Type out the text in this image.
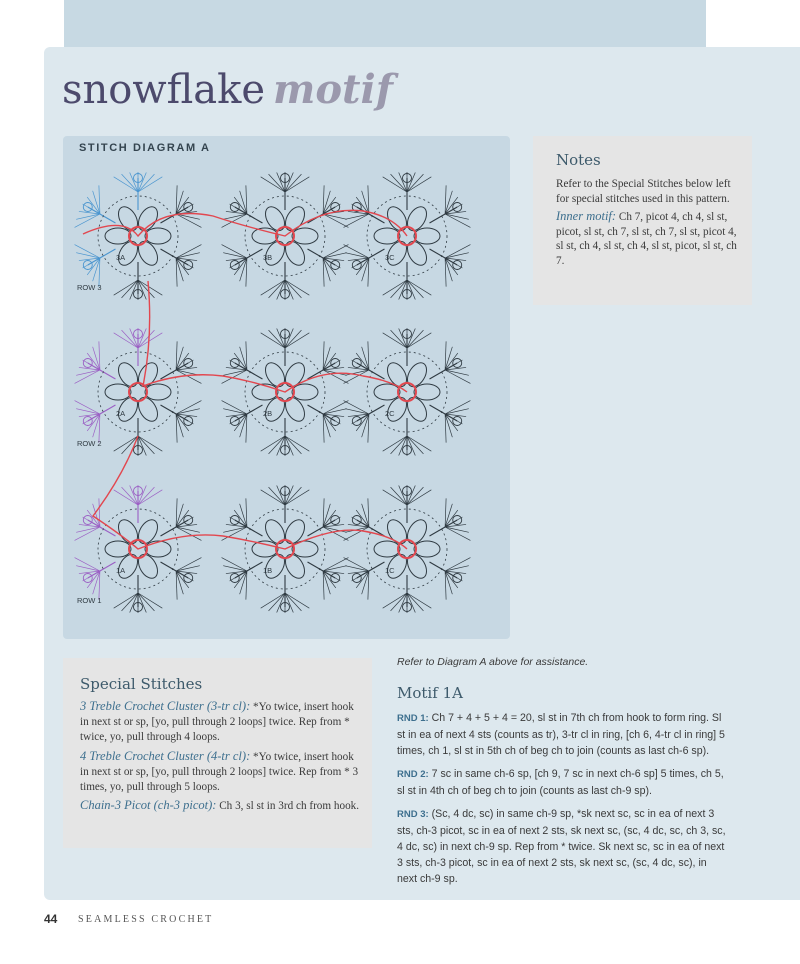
snowflake motif
STITCH DIAGRAM A
3A	3B	3C
2A	2B	2C
1A	1B	1C
ROW 3
ROW 2
ROW 1
Notes

Refer to the Special Stitches below left for special stitches used in this pattern.

Inner motif: Ch 7, picot 4, ch 4, sl st, picot, sl st, ch 7, sl st, ch 7, sl st, picot 4, sl st, ch 4, sl st, ch 4, sl st, picot, sl st, ch 7.

Special Stitches

3 Treble Crochet Cluster (3-tr cl): *Yo twice, insert hook in next st or sp, [yo, pull through 2 loops] twice. Rep from * twice, yo, pull through 4 loops.

4 Treble Crochet Cluster (4-tr cl): *Yo twice, insert hook in next st or sp, [yo, pull through 2 loops] twice. Rep from * 3 times, yo, pull through 5 loops.

Chain-3 Picot (ch-3 picot): Ch 3, sl st in 3rd ch from hook.

Refer to Diagram A above for assistance.
Motif 1A

RND 1: Ch 7 + 4 + 5 + 4 = 20, sl st in 7th ch from hook to form ring. Sl st in ea of next 4 sts (counts as tr), 3-tr cl in ring, [ch 6, 4-tr cl in ring] 5 times, ch 1, sl st in 5th ch of beg ch to join (counts as last ch-6 sp).

RND 2: 7 sc in same ch-6 sp, [ch 9, 7 sc in next ch-6 sp] 5 times, ch 5, sl st in 4th ch of beg ch to join (counts as last ch-9 sp).

RND 3: (Sc, 4 dc, sc) in same ch-9 sp, *sk next sc, sc in ea of next 3 sts, ch-3 picot, sc in ea of next 2 sts, sk next sc, (sc, 4 dc, sc, ch 3, sc, 4 dc, sc) in next ch-9 sp. Rep from * twice. Sk next sc, sc in ea of next 3 sts, ch-3 picot, sc in ea of next 2 sts, sk next sc, (sc, 4 dc, sc), in next ch-9 sp.

44 SEAMLESS CROCHET
